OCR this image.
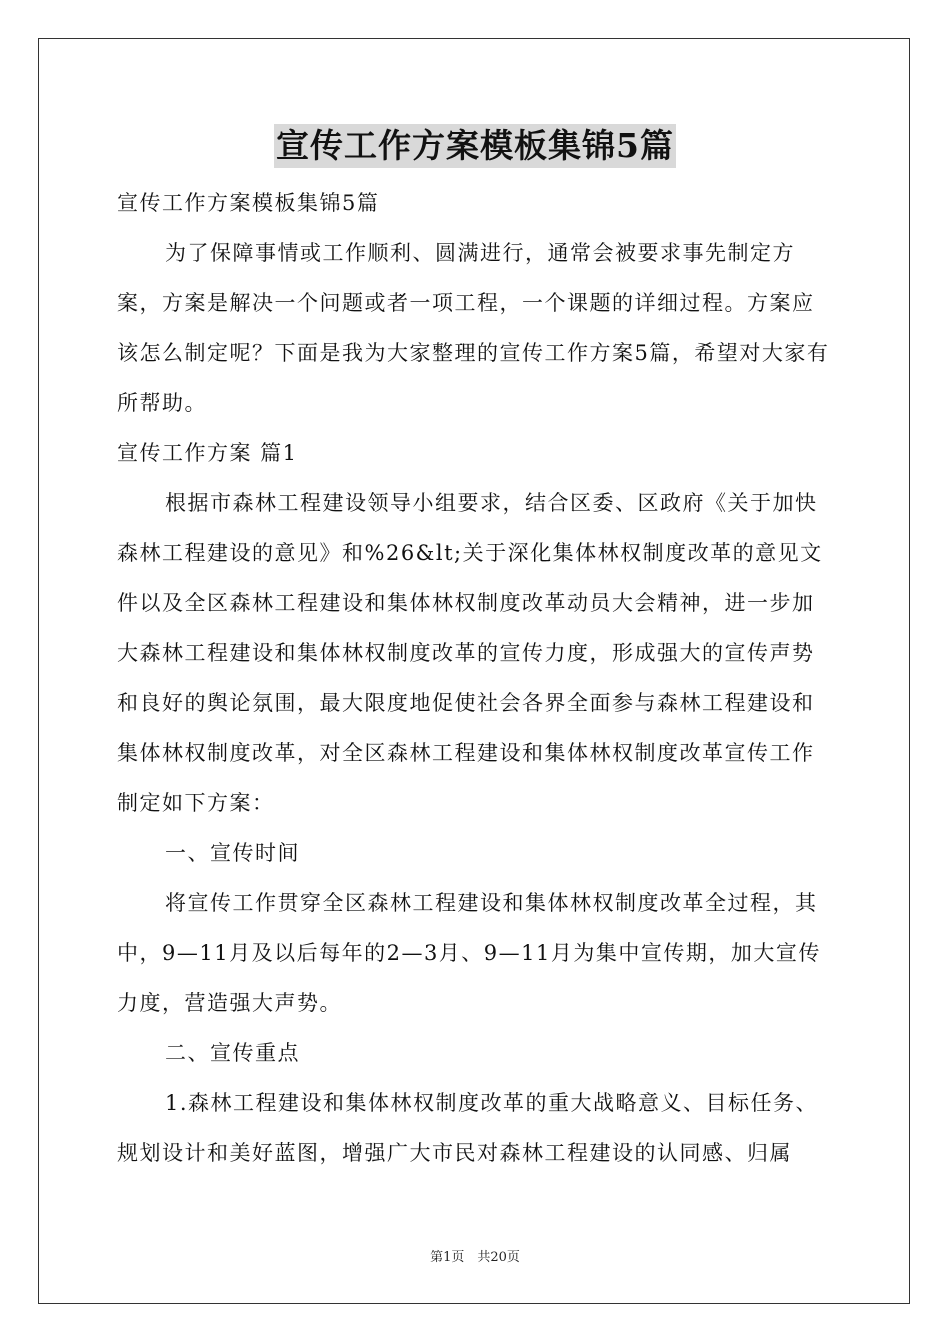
宣传工作方案模板集锦5篇

宣传工作方案模板集锦5篇

为了保障事情或工作顺利、圆满进行，通常会被要求事先制定方案，方案是解决一个问题或者一项工程，一个课题的详细过程。方案应该怎么制定呢？下面是我为大家整理的宣传工作方案5篇，希望对大家有所帮助。

宣传工作方案 篇1

根据市森林工程建设领导小组要求，结合区委、区政府《关于加快森林工程建设的意见》和%26&lt;关于深化集体林权制度改革的意见文件以及全区森林工程建设和集体林权制度改革动员大会精神，进一步加大森林工程建设和集体林权制度改革的宣传力度，形成强大的宣传声势和良好的舆论氛围，最大限度地促使社会各界全面参与森林工程建设和集体林权制度改革，对全区森林工程建设和集体林权制度改革宣传工作制定如下方案：

一、宣传时间

将宣传工作贯穿全区森林工程建设和集体林权制度改革全过程，其中，9—11月及以后每年的2—3月、9—11月为集中宣传期，加大宣传力度，营造强大声势。

二、宣传重点

1.森林工程建设和集体林权制度改革的重大战略意义、目标任务、规划设计和美好蓝图，增强广大市民对森林工程建设的认同感、归属

第1页　共20页
